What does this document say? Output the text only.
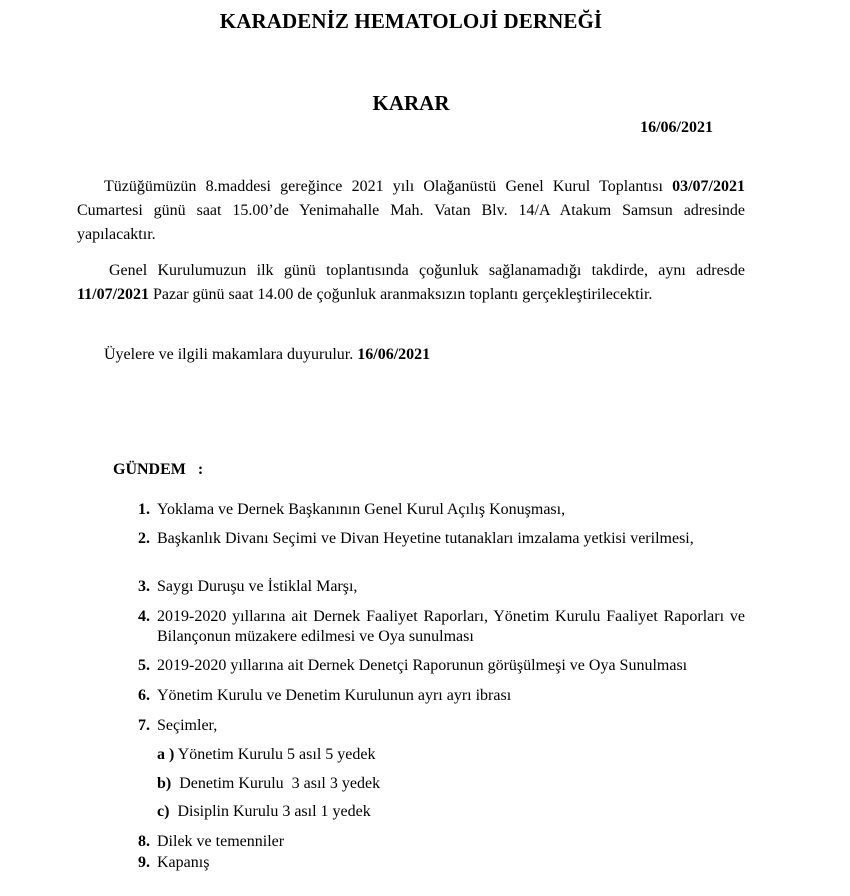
KARADENİZ HEMATOLOJİ DERNEĞİ
KARAR
16/06/2021
Tüzüğümüzün 8.maddesi gereğince 2021 yılı Olağanüstü Genel Kurul Toplantısı 03/07/2021 Cumartesi günü saat 15.00’de Yenimahalle Mah. Vatan Blv. 14/A Atakum Samsun adresinde yapılacaktır.
Genel Kurulumuzun ilk günü toplantısında çoğunluk sağlanamadığı takdirde, aynı adresde 11/07/2021 Pazar günü saat 14.00 de çoğunluk aranmaksızın toplantı gerçekleştirilecektir.
Üyelere ve ilgili makamlara duyurulur. 16/06/2021
GÜNDEM   :
1. Yoklama ve Dernek Başkanının Genel Kurul Açılış Konuşması,
2. Başkanlık Divanı Seçimi ve Divan Heyetine tutanakları imzalama yetkisi verilmesi,
3. Saygı Duruşu ve İstiklal Marşı,
4. 2019-2020 yıllarına ait Dernek Faaliyet Raporları, Yönetim Kurulu Faaliyet Raporları ve Bilançonun müzakere edilmesi ve Oya sunulması
5. 2019-2020 yıllarına ait Dernek Denetçi Raporunun görüşülmeşi ve Oya Sunulması
6. Yönetim Kurulu ve Denetim Kurulunun ayrı ayrı ibrası
7. Seçimler,
a ) Yönetim Kurulu 5 asıl 5 yedek
b)  Denetim Kurulu  3 asıl 3 yedek
c)  Disiplin Kurulu 3 asıl 1 yedek
8. Dilek ve temenniler
9. Kapanış
